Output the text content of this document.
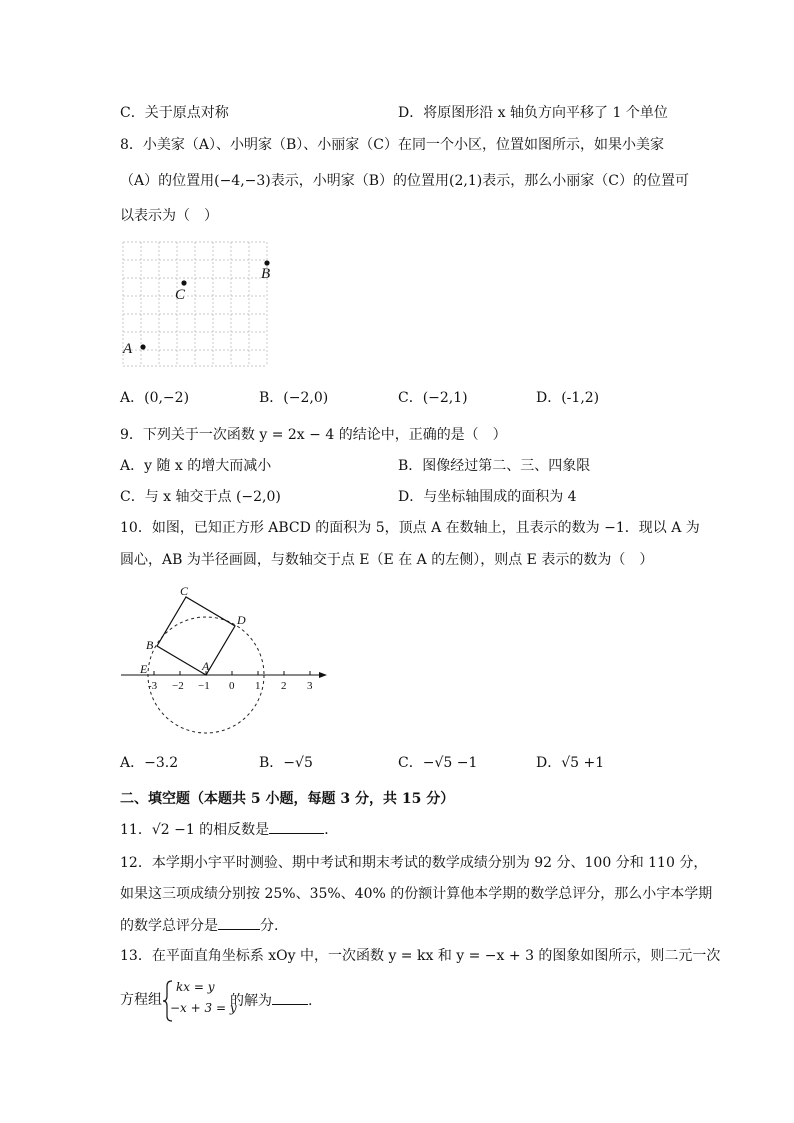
C．关于原点对称	D．将原图形沿 x 轴负方向平移了 1 个单位
8．小美家（A）、小明家（B）、小丽家（C）在同一个小区，位置如图所示，如果小美家
（A）的位置用(−4,−3)表示，小明家（B）的位置用(2,1)表示，那么小丽家（C）的位置可
以表示为（　）
B
C
A
A．(0,−2)	B．(−2,0)	C．(−2,1)	D．(-1,2)
9．下列关于一次函数 y = 2x − 4 的结论中，正确的是（　）
A．y 随 x 的增大而减小	B．图像经过第二、三、四象限
C．与 x 轴交于点 (−2,0)	D．与坐标轴围成的面积为 4
10．如图，已知正方形 ABCD 的面积为 5，顶点 A 在数轴上，且表示的数为 −1．现以 A 为
圆心，AB 为半径画圆，与数轴交于点 E（E 在 A 的左侧），则点 E 表示的数为（　）
C
D
B
A
E
-3 −2 −1 0 1 2 3
A．−3.2	B．−√5	C．−√5 −1	D．√5 +1
二、填空题（本题共 5 小题，每题 3 分，共 15 分）
11．√2 −1 的相反数是	．
12．本学期小宇平时测验、期中考试和期末考试的数学成绩分别为 92 分、100 分和 110 分，
如果这三项成绩分别按 25%、35%、40% 的份额计算他本学期的数学总评分，那么小宇本学期
的数学总评分是	分.
13．在平面直角坐标系 xOy 中，一次函数 y = kx 和 y = −x + 3 的图象如图所示，则二元一次
方程组
kx = y
−x + 3 = y
的解为	.
